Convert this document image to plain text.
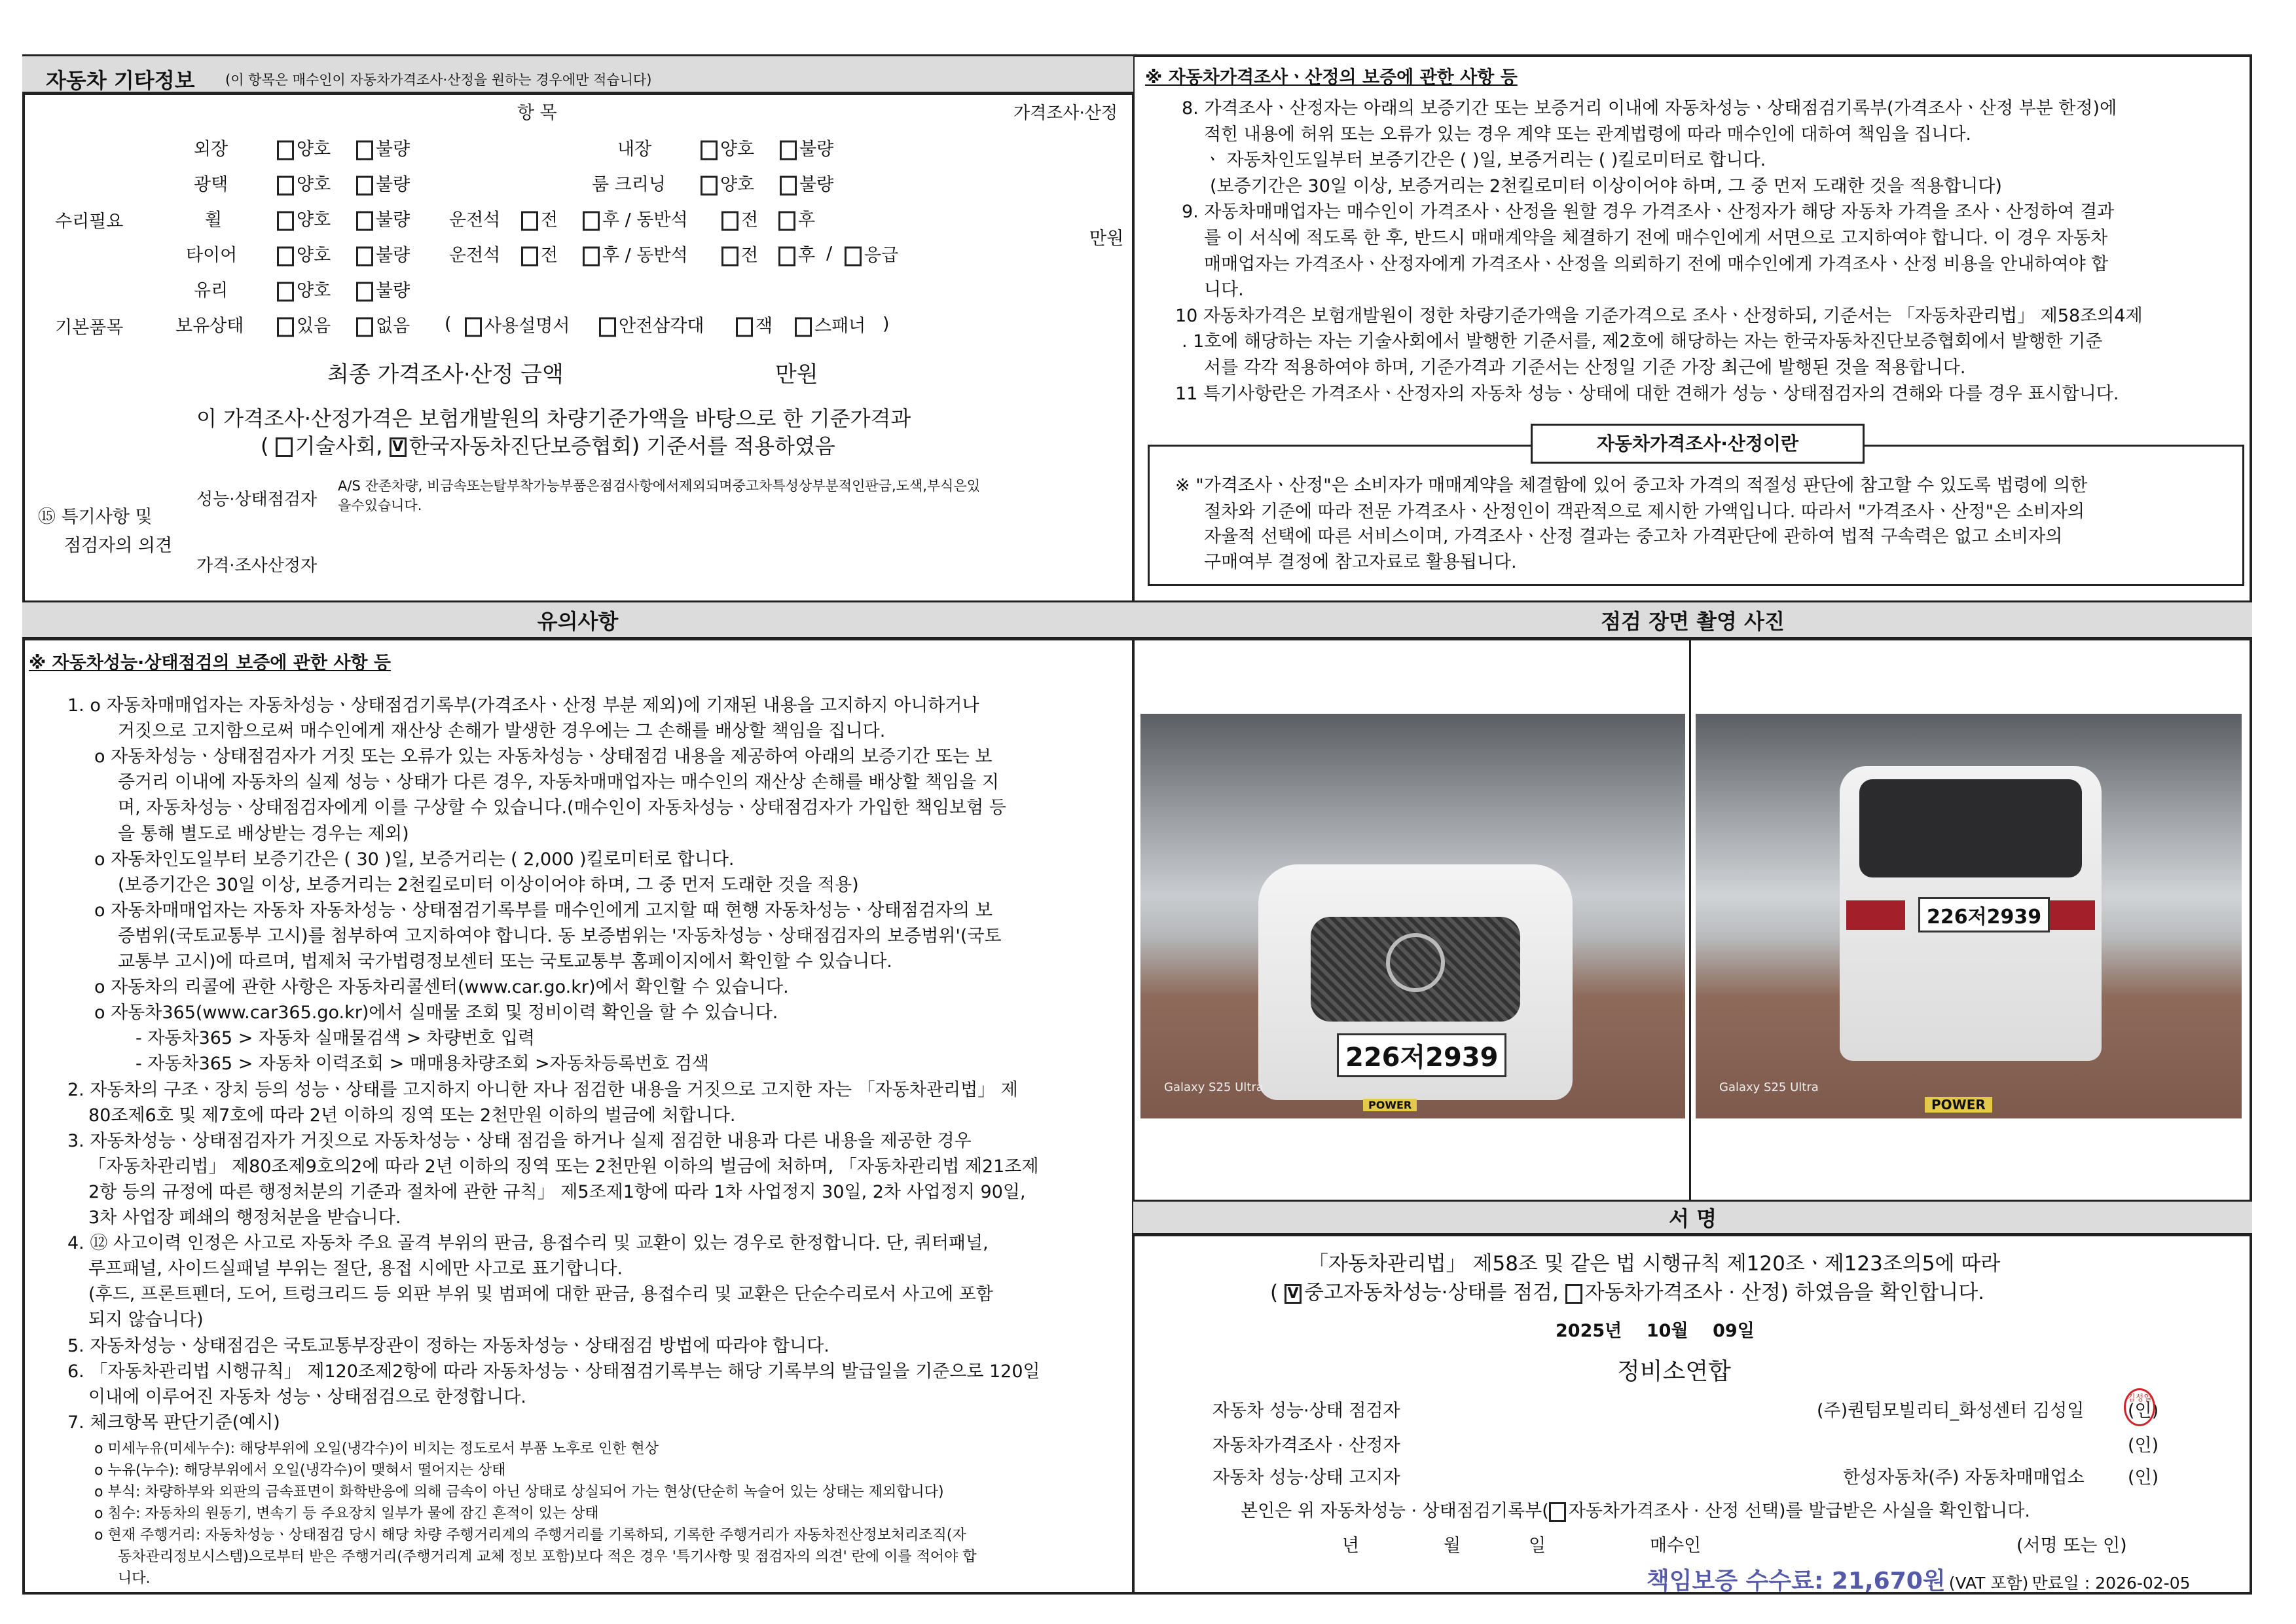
자동차 기타정보 (이 항목은 매수인이 자동차가격조사·산정을 원하는 경우에만 적습니다)
항 목	가격조사·산정
만원
수리필요
기본품목
외장	양호	불량	내장	양호	불량
광택	양호	불량	룸 크리닝	양호	불량
휠	양호	불량 운전석	전	후 / 동반석	전	후
타이어	양호	불량 운전석	전	후 / 동반석	전	후 /	응급
유리	양호	불량
보유상태	있음	없음 (	사용설명서	안전삼각대	잭	스패너 )
최종 가격조사·산정 금액	만원
이 가격조사·산정가격은 보험개발원의 차량기준가액을 바탕으로 한 기준가격과
( 기술사회, V 한국자동차진단보증협회) 기준서를 적용하였음
⑮ 특기사항 및
점검자의 의견
성능·상태점검자
A/S 잔존차량, 비금속또는탈부착가능부품은점검사항에서제외되며중고차특성상부분적인판금,도색,부식은있
을수있습니다.
가격·조사산정자
※ 자동차가격조사ㆍ산정의 보증에 관한 사항 등
8. 가격조사ㆍ산정자는 아래의 보증기간 또는 보증거리 이내에 자동차성능ㆍ상태점검기록부(가격조사ㆍ산정 부분 한정)에
적힌 내용에 허위 또는 오류가 있는 경우 계약 또는 관계법령에 따라 매수인에 대하여 책임을 집니다.
ㆍ 자동차인도일부터 보증기간은 ( )일, 보증거리는 ( )킬로미터로 합니다.
(보증기간은 30일 이상, 보증거리는 2천킬로미터 이상이어야 하며, 그 중 먼저 도래한 것을 적용합니다)
9. 자동차매매업자는 매수인이 가격조사ㆍ산정을 원할 경우 가격조사ㆍ산정자가 해당 자동차 가격을 조사ㆍ산정하여 결과
를 이 서식에 적도록 한 후, 반드시 매매계약을 체결하기 전에 매수인에게 서면으로 고지하여야 합니다. 이 경우 자동차
매매업자는 가격조사ㆍ산정자에게 가격조사ㆍ산정을 의뢰하기 전에 매수인에게 가격조사ㆍ산정 비용을 안내하여야 합
니다.
10 자동차가격은 보험개발원이 정한 차량기준가액을 기준가격으로 조사ㆍ산정하되, 기준서는 「자동차관리법」 제58조의4제
. 1호에 해당하는 자는 기술사회에서 발행한 기준서를, 제2호에 해당하는 자는 한국자동차진단보증협회에서 발행한 기준
서를 각각 적용하여야 하며, 기준가격과 기준서는 산정일 기준 가장 최근에 발행된 것을 적용합니다.
11 특기사항란은 가격조사ㆍ산정자의 자동차 성능ㆍ상태에 대한 견해가 성능ㆍ상태점검자의 견해와 다를 경우 표시합니다.
자동차가격조사·산정이란
※ "가격조사ㆍ산정"은 소비자가 매매계약을 체결함에 있어 중고차 가격의 적절성 판단에 참고할 수 있도록 법령에 의한
절차와 기준에 따라 전문 가격조사ㆍ산정인이 객관적으로 제시한 가액입니다. 따라서 "가격조사ㆍ산정"은 소비자의
자율적 선택에 따른 서비스이며, 가격조사ㆍ산정 결과는 중고차 가격판단에 관하여 법적 구속력은 없고 소비자의
구매여부 결정에 참고자료로 활용됩니다.
유의사항
※ 자동차성능·상태점검의 보증에 관한 사항 등
1. ο 자동차매매업자는 자동차성능ㆍ상태점검기록부(가격조사ㆍ산정 부분 제외)에 기재된 내용을 고지하지 아니하거나
거짓으로 고지함으로써 매수인에게 재산상 손해가 발생한 경우에는 그 손해를 배상할 책임을 집니다.
ο 자동차성능ㆍ상태점검자가 거짓 또는 오류가 있는 자동차성능ㆍ상태점검 내용을 제공하여 아래의 보증기간 또는 보
증거리 이내에 자동차의 실제 성능ㆍ상태가 다른 경우, 자동차매매업자는 매수인의 재산상 손해를 배상할 책임을 지
며, 자동차성능ㆍ상태점검자에게 이를 구상할 수 있습니다.(매수인이 자동차성능ㆍ상태점검자가 가입한 책임보험 등
을 통해 별도로 배상받는 경우는 제외)
ο 자동차인도일부터 보증기간은 ( 30 )일, 보증거리는 ( 2,000 )킬로미터로 합니다.
(보증기간은 30일 이상, 보증거리는 2천킬로미터 이상이어야 하며, 그 중 먼저 도래한 것을 적용)
ο 자동차매매업자는 자동차 자동차성능ㆍ상태점검기록부를 매수인에게 고지할 때 현행 자동차성능ㆍ상태점검자의 보
증범위(국토교통부 고시)를 첨부하여 고지하여야 합니다. 동 보증범위는 '자동차성능ㆍ상태점검자의 보증범위'(국토
교통부 고시)에 따르며, 법제처 국가법령정보센터 또는 국토교통부 홈페이지에서 확인할 수 있습니다.
ο 자동차의 리콜에 관한 사항은 자동차리콜센터(www.car.go.kr)에서 확인할 수 있습니다.
ο 자동차365(www.car365.go.kr)에서 실매물 조회 및 정비이력 확인을 할 수 있습니다.
- 자동차365 > 자동차 실매물검색 > 차량번호 입력
- 자동차365 > 자동차 이력조회 > 매매용차량조회 >자동차등록번호 검색
2. 자동차의 구조ㆍ장치 등의 성능ㆍ상태를 고지하지 아니한 자나 점검한 내용을 거짓으로 고지한 자는 「자동차관리법」 제
80조제6호 및 제7호에 따라 2년 이하의 징역 또는 2천만원 이하의 벌금에 처합니다.
3. 자동차성능ㆍ상태점검자가 거짓으로 자동차성능ㆍ상태 점검을 하거나 실제 점검한 내용과 다른 내용을 제공한 경우
「자동차관리법」 제80조제9호의2에 따라 2년 이하의 징역 또는 2천만원 이하의 벌금에 처하며, 「자동차관리법 제21조제
2항 등의 규정에 따른 행정처분의 기준과 절차에 관한 규칙」 제5조제1항에 따라 1차 사업정지 30일, 2차 사업정지 90일,
3차 사업장 폐쇄의 행정처분을 받습니다.
4. ⑫ 사고이력 인정은 사고로 자동차 주요 골격 부위의 판금, 용접수리 및 교환이 있는 경우로 한정합니다. 단, 쿼터패널,
루프패널, 사이드실패널 부위는 절단, 용접 시에만 사고로 표기합니다.
(후드, 프론트펜더, 도어, 트렁크리드 등 외판 부위 및 범퍼에 대한 판금, 용접수리 및 교환은 단순수리로서 사고에 포함
되지 않습니다)
5. 자동차성능ㆍ상태점검은 국토교통부장관이 정하는 자동차성능ㆍ상태점검 방법에 따라야 합니다.
6. 「자동차관리법 시행규칙」 제120조제2항에 따라 자동차성능ㆍ상태점검기록부는 해당 기록부의 발급일을 기준으로 120일
이내에 이루어진 자동차 성능ㆍ상태점검으로 한정합니다.
7. 체크항목 판단기준(예시)
ο 미세누유(미세누수): 해당부위에 오일(냉각수)이 비치는 정도로서 부품 노후로 인한 현상
ο 누유(누수): 해당부위에서 오일(냉각수)이 맺혀서 떨어지는 상태
ο 부식: 차량하부와 외판의 금속표면이 화학반응에 의해 금속이 아닌 상태로 상실되어 가는 현상(단순히 녹슬어 있는 상태는 제외합니다)
ο 침수: 자동차의 원동기, 변속기 등 주요장치 일부가 물에 잠긴 흔적이 있는 상태
ο 현재 주행거리: 자동차성능ㆍ상태점검 당시 해당 차량 주행거리계의 주행거리를 기록하되, 기록한 주행거리가 자동차전산정보처리조직(자
동차관리정보시스템)으로부터 받은 주행거리(주행거리계 교체 정보 포함)보다 적은 경우 '특기사항 및 점검자의 의견' 란에 이를 적어야 합
니다.
점검 장면 촬영 사진
226저2939
Galaxy S25 Ultra
POWER
226저2939
Galaxy S25 Ultra
POWER
서 명
「자동차관리법」 제58조 및 같은 법 시행규칙 제120조ㆍ제123조의5에 따라
( V 중고자동차성능·상태를 점검, 자동차가격조사 · 산정) 하였음을 확인합니다.
2025년 10월 09일
정비소연합
자동차 성능·상태 점검자	(주)퀀텀모빌리티_화성센터 김성일 (인)
김성일
자동차가격조사 · 산정자	(인)
자동차 성능·상태 고지자	한성자동차(주) 자동차매매업소 (인)
본인은 위 자동차성능 · 상태점검기록부( 자동차가격조사 · 산정 선택)를 발급받은 사실을 확인합니다.
년	월	일	매수인	(서명 또는 인)
책임보증 수수료: 21,670원 (VAT 포함) 만료일 : 2026-02-05
